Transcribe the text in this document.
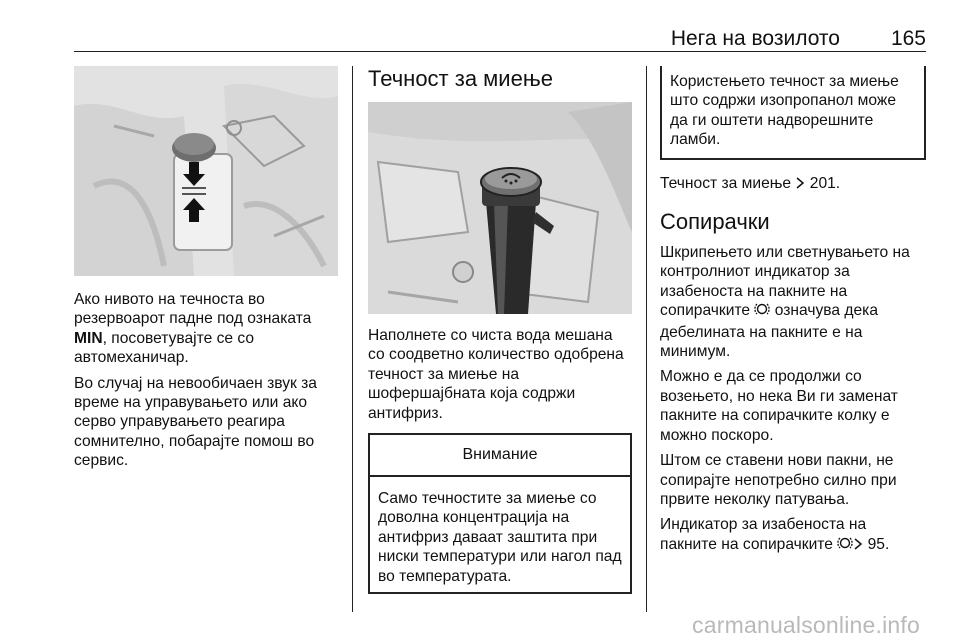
Нега на возилото 165

Ако нивото на течноста во резервоарот падне под ознаката MIN, посоветувајте се со автомеханичар.

Во случај на невообичаен звук за време на управувањето или ако серво управувањето реагира сомнително, побарајте помош во сервис.

Течност за миење

Наполнете со чиста вода мешана со соодветно количество одобрена течност за миење на шофершајбната која содржи антифриз.

Внимание
Само течностите за миење со доволна концентрација на антифриз даваат заштита при ниски температури или нагол пад во температурата.
Користењето течност за миење што содржи изопропанол може да ги оштети надворешните ламби.

Течност за миење  201.

Сопирачки

Шкрипењето или светнувањето на контролниот индикатор за изабеноста на пакните на сопирачките  означува дека дебелината на пакните е на минимум.

Можно е да се продолжи со возењето, но нека Ви ги заменат пакните на сопирачките колку е можно поскоро.

Штом се ставени нови пакни, не сопирајте непотребно силно при првите неколку патувања.

Индикатор за изабеноста на пакните на сопирачките  95.

carmanualsonline.info
